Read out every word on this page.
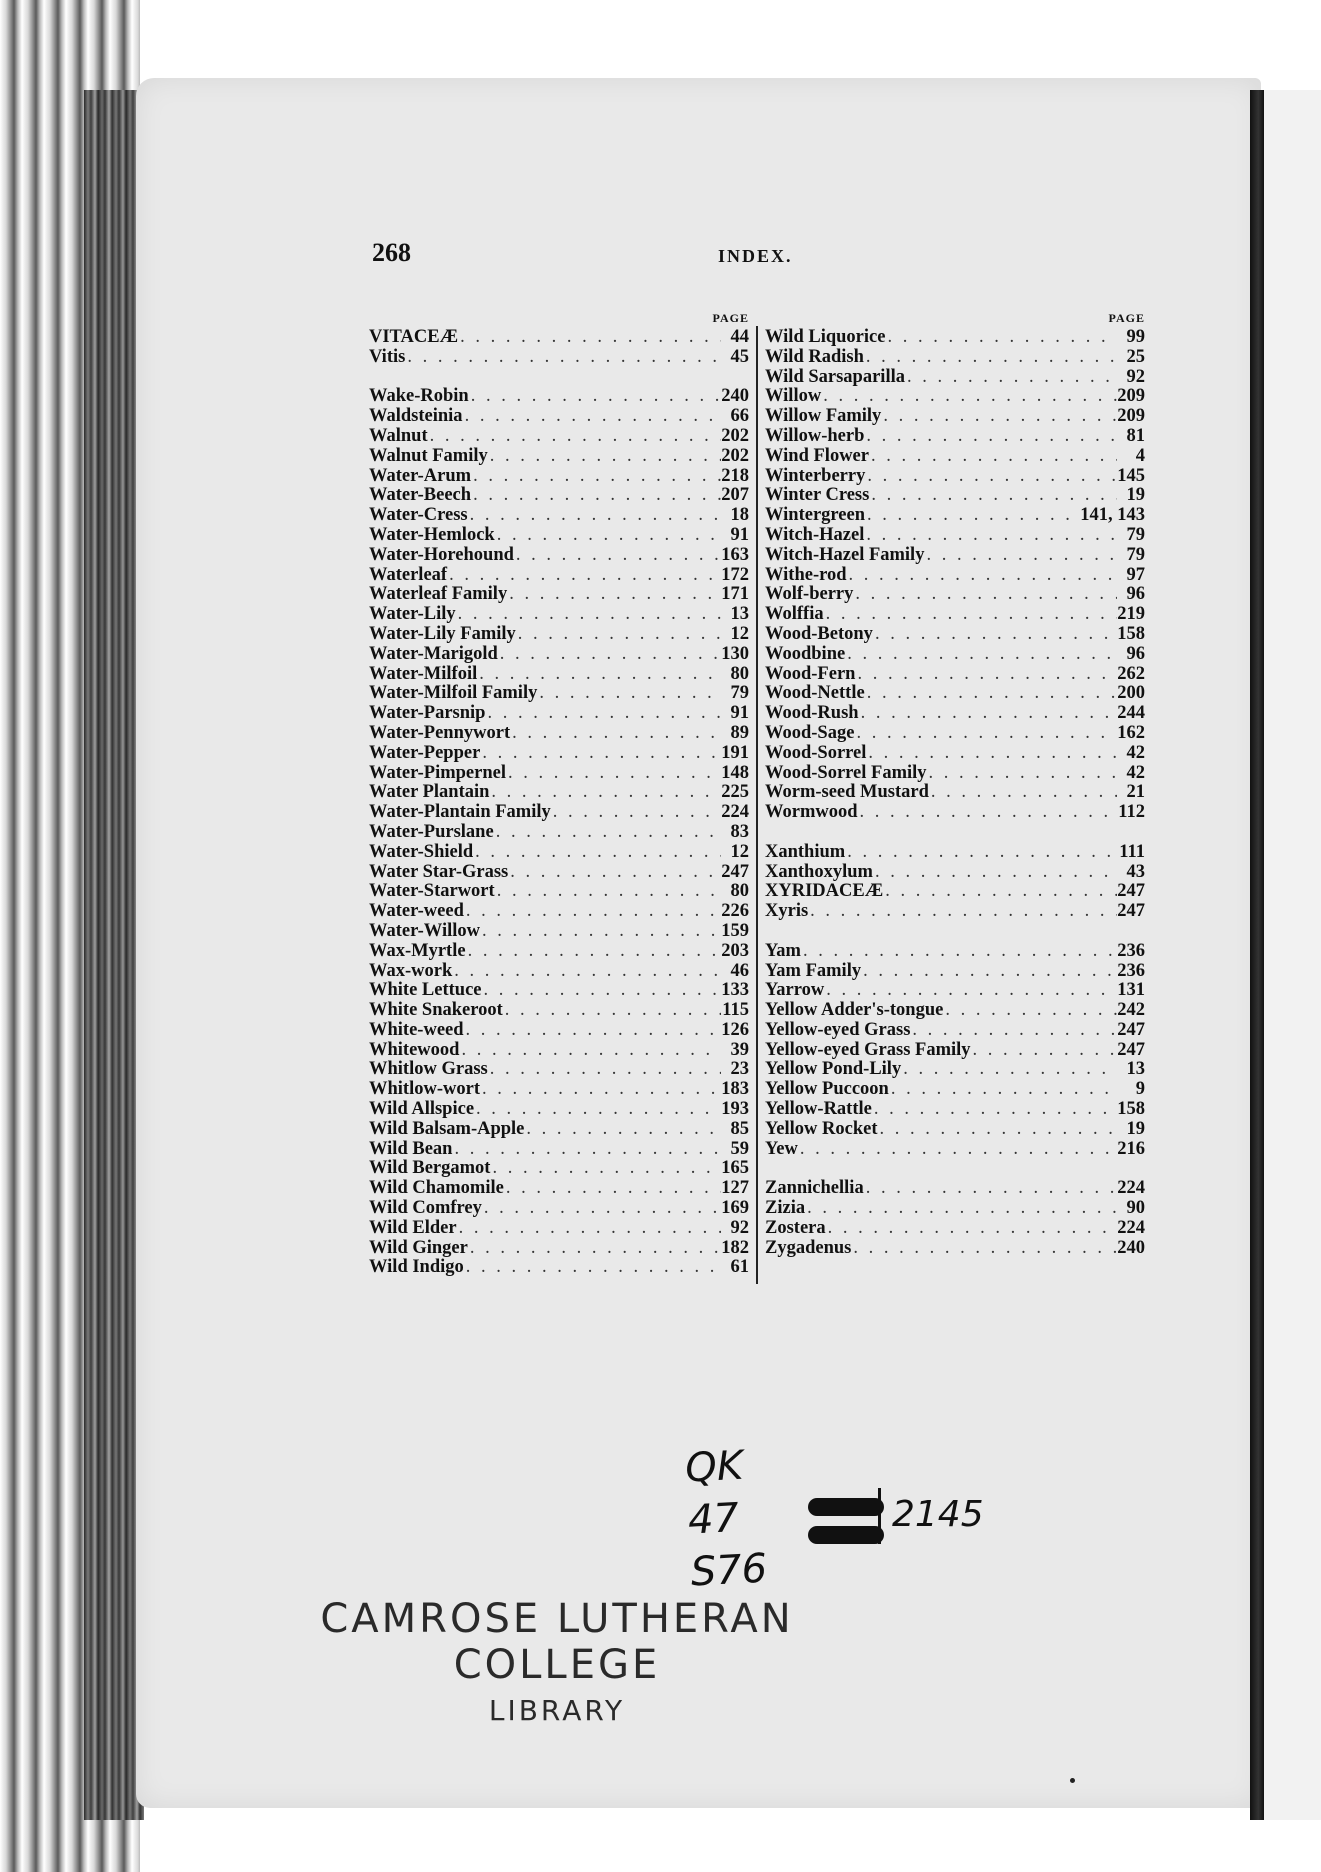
268	INDEX.
PAGE
VITACEÆ . . .	44
Vitis . . .	45
Wake-Robin . . .	240
Waldsteinia . . .	66
Walnut . . .	202
Walnut Family . . .	202
Water-Arum . . .	218
Water-Beech . . .	207
Water-Cress . . .	18
Water-Hemlock . . .	91
Water-Horehound . . .	163
Waterleaf . . .	172
Waterleaf Family . . .	171
Water-Lily . . .	13
Water-Lily Family . . .	12
Water-Marigold . . .	130
Water-Milfoil . . .	80
Water-Milfoil Family . . .	79
Water-Parsnip . . .	91
Water-Pennywort . . .	89
Water-Pepper . . .	191
Water-Pimpernel . . .	148
Water Plantain . . .	225
Water-Plantain Family . . .	224
Water-Purslane . . .	83
Water-Shield . . .	12
Water Star-Grass . . .	247
Water-Starwort . . .	80
Water-weed . . .	226
Water-Willow . . .	159
Wax-Myrtle . . .	203
Wax-work . . .	46
White Lettuce . . .	133
White Snakeroot . . .	115
White-weed . . .	126
Whitewood . . .	39
Whitlow Grass . . .	23
Whitlow-wort . . .	183
Wild Allspice . . .	193
Wild Balsam-Apple . . .	85
Wild Bean . . .	59
Wild Bergamot . . .	165
Wild Chamomile . . .	127
Wild Comfrey . . .	169
Wild Elder . . .	92
Wild Ginger . . .	182
Wild Indigo . . .	61
PAGE
Wild Liquorice . . .	99
Wild Radish . . .	25
Wild Sarsaparilla . . .	92
Willow . . .	209
Willow Family . . .	209
Willow-herb . . .	81
Wind Flower . . .	4
Winterberry . . .	145
Winter Cress . . .	19
Wintergreen . . .	141, 143
Witch-Hazel . . .	79
Witch-Hazel Family . . .	79
Withe-rod . . .	97
Wolf-berry . . .	96
Wolffia . . .	219
Wood-Betony . . .	158
Woodbine . . .	96
Wood-Fern . . .	262
Wood-Nettle . . .	200
Wood-Rush . . .	244
Wood-Sage . . .	162
Wood-Sorrel . . .	42
Wood-Sorrel Family . . .	42
Worm-seed Mustard . . .	21
Wormwood . . .	112
Xanthium . . .	111
Xanthoxylum . . .	43
XYRIDACEÆ . . .	247
Xyris . . .	247
Yam . . .	236
Yam Family . . .	236
Yarrow . . .	131
Yellow Adder's-tongue . . .	242
Yellow-eyed Grass . . .	247
Yellow-eyed Grass Family . . .	247
Yellow Pond-Lily . . .	13
Yellow Puccoon . . .	9
Yellow-Rattle . . .	158
Yellow Rocket . . .	19
Yew . . .	216
Zannichellia . . .	224
Zizia . . .	90
Zostera . . .	224
Zygadenus . . .	240
QK
47
S76
2145
CAMROSE LUTHERAN COLLEGE
LIBRARY
